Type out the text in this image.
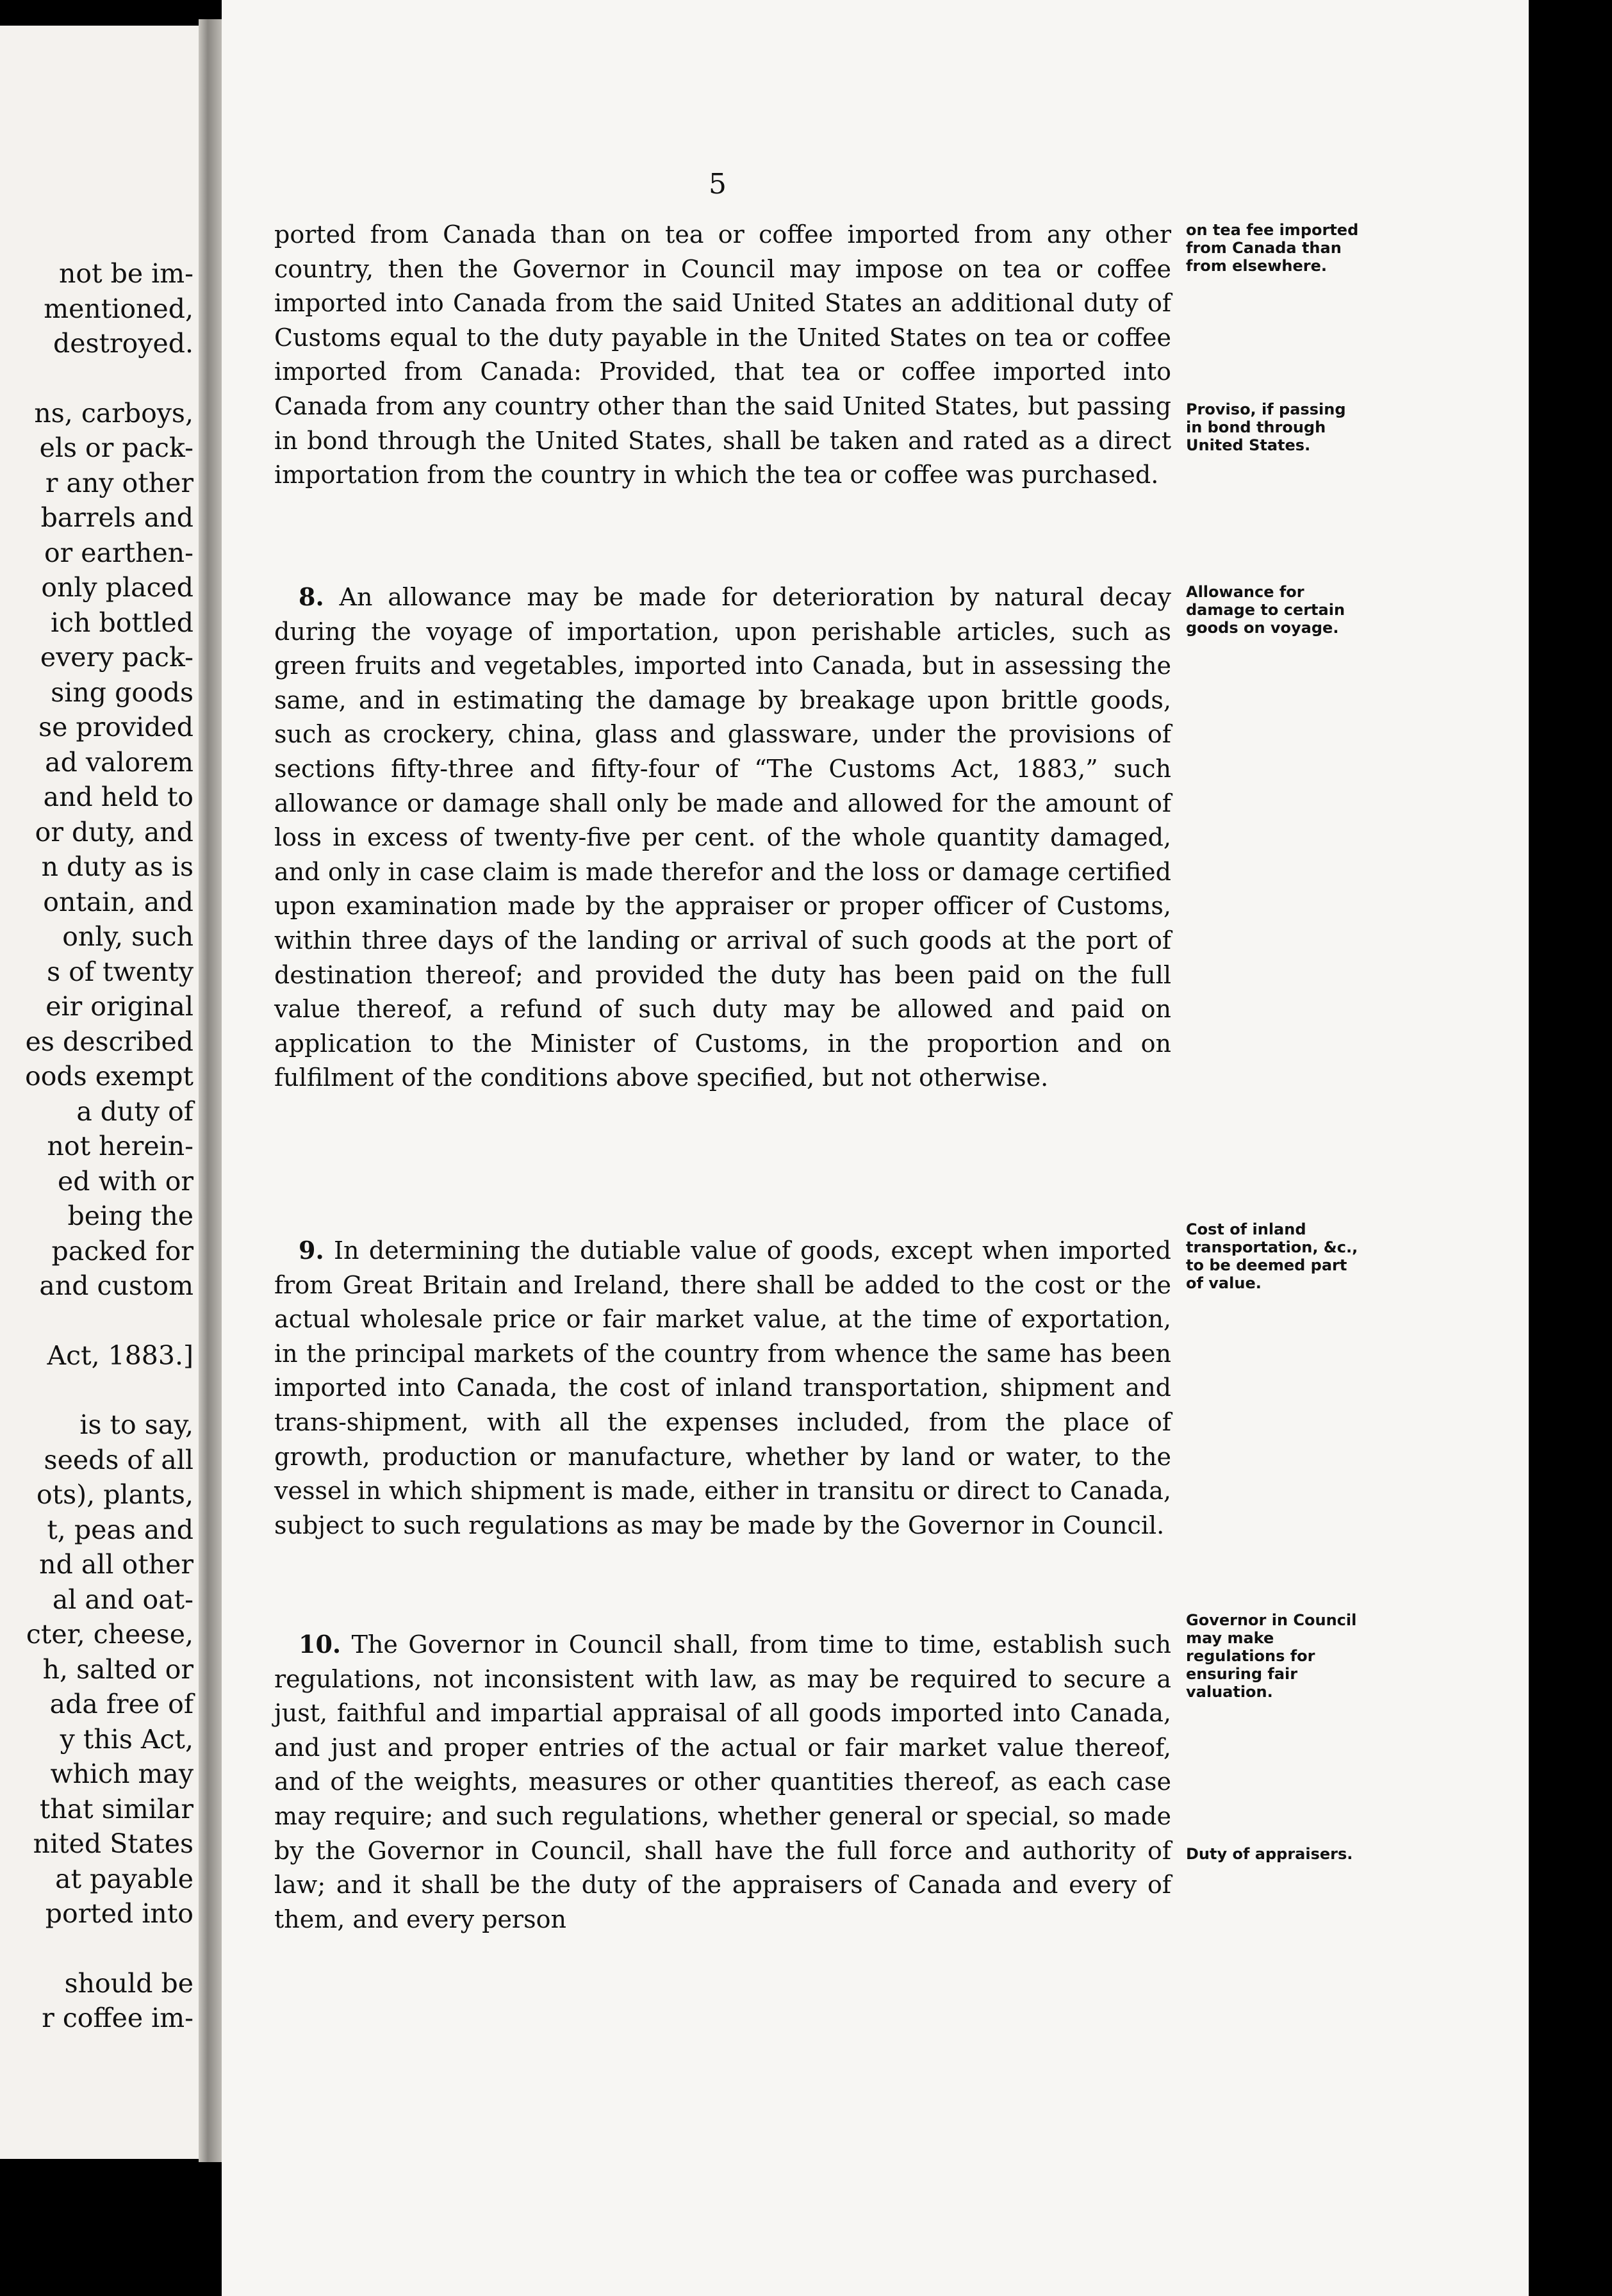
not be im-
mentioned,
destroyed.
ns, carboys,
els or pack-
r any other
barrels and
or earthen-
only placed
ich bottled
every pack-
sing goods
se provided
ad valorem
and held to
or duty, and
n duty as is
ontain, and
only, such
s of twenty
eir original
es described
oods exempt
a duty of
not herein-
ed with or
being the
packed for
and custom
Act, 1883.]
is to say,
seeds of all
ots), plants,
t, peas and
nd all other
al and oat-
cter, cheese,
h, salted or
ada free of
y this Act,
which may
that similar
nited States
at payable
ported into
should be
r coffee im-
5

ported from Canada than on tea or coffee imported from any other country, then the Governor in Council may impose on tea or coffee imported into Canada from the said United States an additional duty of Customs equal to the duty payable in the United States on tea or coffee imported from Canada: Provided, that tea or coffee imported into Canada from any country other than the said United States, but passing in bond through the United States, shall be taken and rated as a direct importation from the country in which the tea or coffee was purchased.

 8. An allowance may be made for deterioration by natural decay during the voyage of importation, upon perishable articles, such as green fruits and vegetables, imported into Canada, but in assessing the same, and in estimating the damage by breakage upon brittle goods, such as crockery, china, glass and glassware, under the provisions of sections fifty-three and fifty-four of “The Customs Act, 1883,” such allowance or damage shall only be made and allowed for the amount of loss in excess of twenty-five per cent. of the whole quantity damaged, and only in case claim is made therefor and the loss or damage certified upon examination made by the appraiser or proper officer of Customs, within three days of the landing or arrival of such goods at the port of destination thereof; and provided the duty has been paid on the full value thereof, a refund of such duty may be allowed and paid on application to the Minister of Customs, in the proportion and on fulfilment of the conditions above specified, but not otherwise.

 9. In determining the dutiable value of goods, except when imported from Great Britain and Ireland, there shall be added to the cost or the actual wholesale price or fair market value, at the time of exportation, in the principal markets of the country from whence the same has been imported into Canada, the cost of inland transportation, shipment and trans-shipment, with all the expenses included, from the place of growth, production or manufacture, whether by land or water, to the vessel in which shipment is made, either in transitu or direct to Canada, subject to such regulations as may be made by the Governor in Council.

 10. The Governor in Council shall, from time to time, establish such regulations, not inconsistent with law, as may be required to secure a just, faithful and impartial appraisal of all goods imported into Canada, and just and proper entries of the actual or fair market value thereof, and of the weights, measures or other quantities thereof, as each case may require; and such regulations, whether general or special, so made by the Governor in Council, shall have the full force and authority of law; and it shall be the duty of the appraisers of Canada and every of them, and every person

on tea fee imported from Canada than from elsewhere.
Proviso, if passing in bond through United States.
Allowance for damage to certain goods on voyage.
Cost of inland transportation, &c., to be deemed part of value.
Governor in Council may make regulations for ensuring fair valuation.
Duty of appraisers.
